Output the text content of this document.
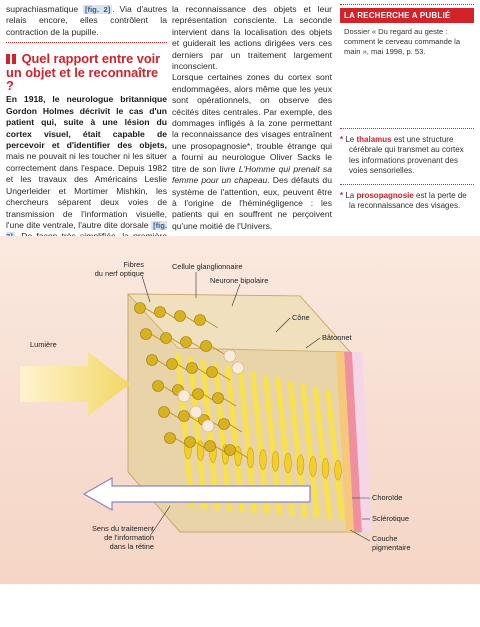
suprachiasmatique [fig. 2] . Via d'autres relais encore, elles contrôlent la contraction de la pupille.

Quel rapport entre voir un objet et le reconnaître ?

En 1918, le neurologue britannique Gordon Holmes décrivit le cas d'un patient qui, suite à une lésion du cortex visuel, était capable de percevoir et d'identifier des objets, mais ne pouvait ni les toucher ni les situer correctement dans l'espace. Depuis 1982 et les travaux des Américains Leslie Ungerleider et Mortimer Mishkin, les chercheurs séparent deux voies de transmission de l'information visuelle, l'une dite ventrale, l'autre dite dorsale [fig.

la reconnaissance des objets et leur représentation consciente. La seconde intervient dans la localisation des objets et guiderait les actions dirigées vers ces derniers par un traitement largement inconscient.

Lorsque certaines zones du cortex sont endommagées, alors même que les yeux sont opérationnels, on observe des cécités dites centrales. Par exemple, des dommages infligés à la zone permettant la reconnaissance des visages entraînent une prosopagnosie*, trouble étrange qui a fourni au neurologue Oliver Sacks le titre de son livre L'Homme qui prenait sa femme pour un chapeau. Des défauts du système de l'attention, eux, peuvent être à l'origine de l'héminégligence : les patients qui en souffrent ne perçoivent qu'une moitié de l'Univers.

LA RECHERCHE A PUBLIÉ
Dossier « Du regard au geste : comment le cerveau commande la main », mai 1998, p. 53.

* Le thalamus est une structure cérébrale qui transmet au cortex les informations provenant des voies sensorielles.

* La prosopagnosie est la perte de la reconnaissance des visages.

Fibres
du nerf optique
Cellule glanglionnaire
Neurone bipolaire
Cône
Bâtonnet
Lumière
Choroïde
Sclérotique
Couche
pigmentaire
Sens du traitement
de l'information
dans la rétine
